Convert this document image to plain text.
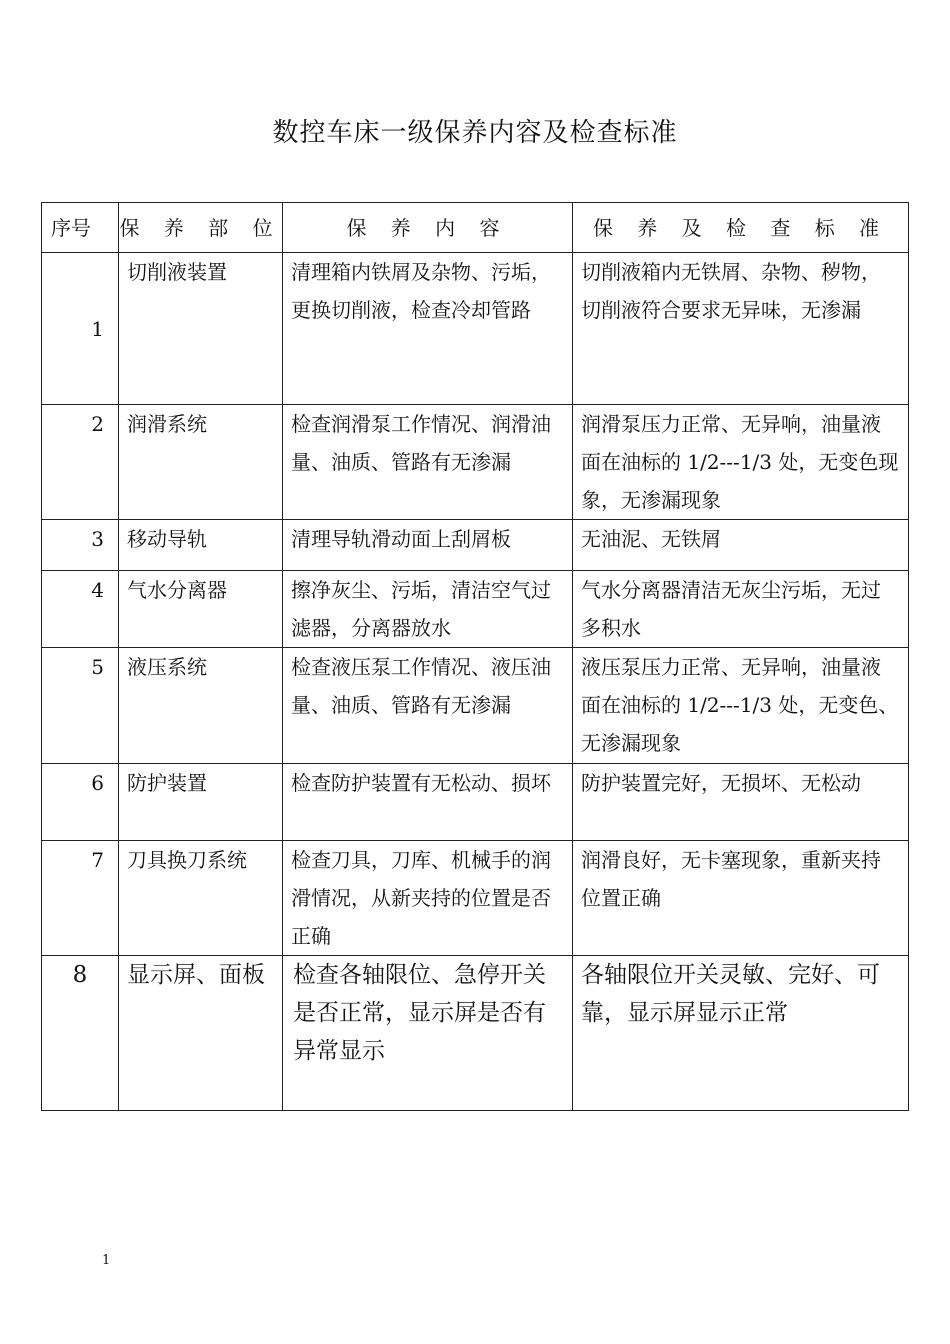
数控车床一级保养内容及检查标准
序号	保 养 部 位	保 养 内 容	保 养 及 检 查 标 准
1	切削液装置	清理箱内铁屑及杂物、污垢，更换切削液，检查冷却管路	切削液箱内无铁屑、杂物、秽物，切削液符合要求无异味，无渗漏
2	润滑系统	检查润滑泵工作情况、润滑油量、油质、管路有无渗漏	润滑泵压力正常、无异响，油量液面在油标的 1/2---1/3 处，无变色现象，无渗漏现象
3	移动导轨	清理导轨滑动面上刮屑板	无油泥、无铁屑
4	气水分离器	擦净灰尘、污垢，清洁空气过滤器，分离器放水	气水分离器清洁无灰尘污垢，无过多积水
5	液压系统	检查液压泵工作情况、液压油量、油质、管路有无渗漏	液压泵压力正常、无异响，油量液面在油标的 1/2---1/3 处，无变色、无渗漏现象
6	防护装置	检查防护装置有无松动、损坏	防护装置完好，无损坏、无松动
7	刀具换刀系统	检查刀具，刀库、机械手的润滑情况，从新夹持的位置是否正确	润滑良好，无卡塞现象，重新夹持位置正确
8	显示屏、面板	检查各轴限位、急停开关是否正常，显示屏是否有异常显示	各轴限位开关灵敏、完好、可靠，显示屏显示正常
1
